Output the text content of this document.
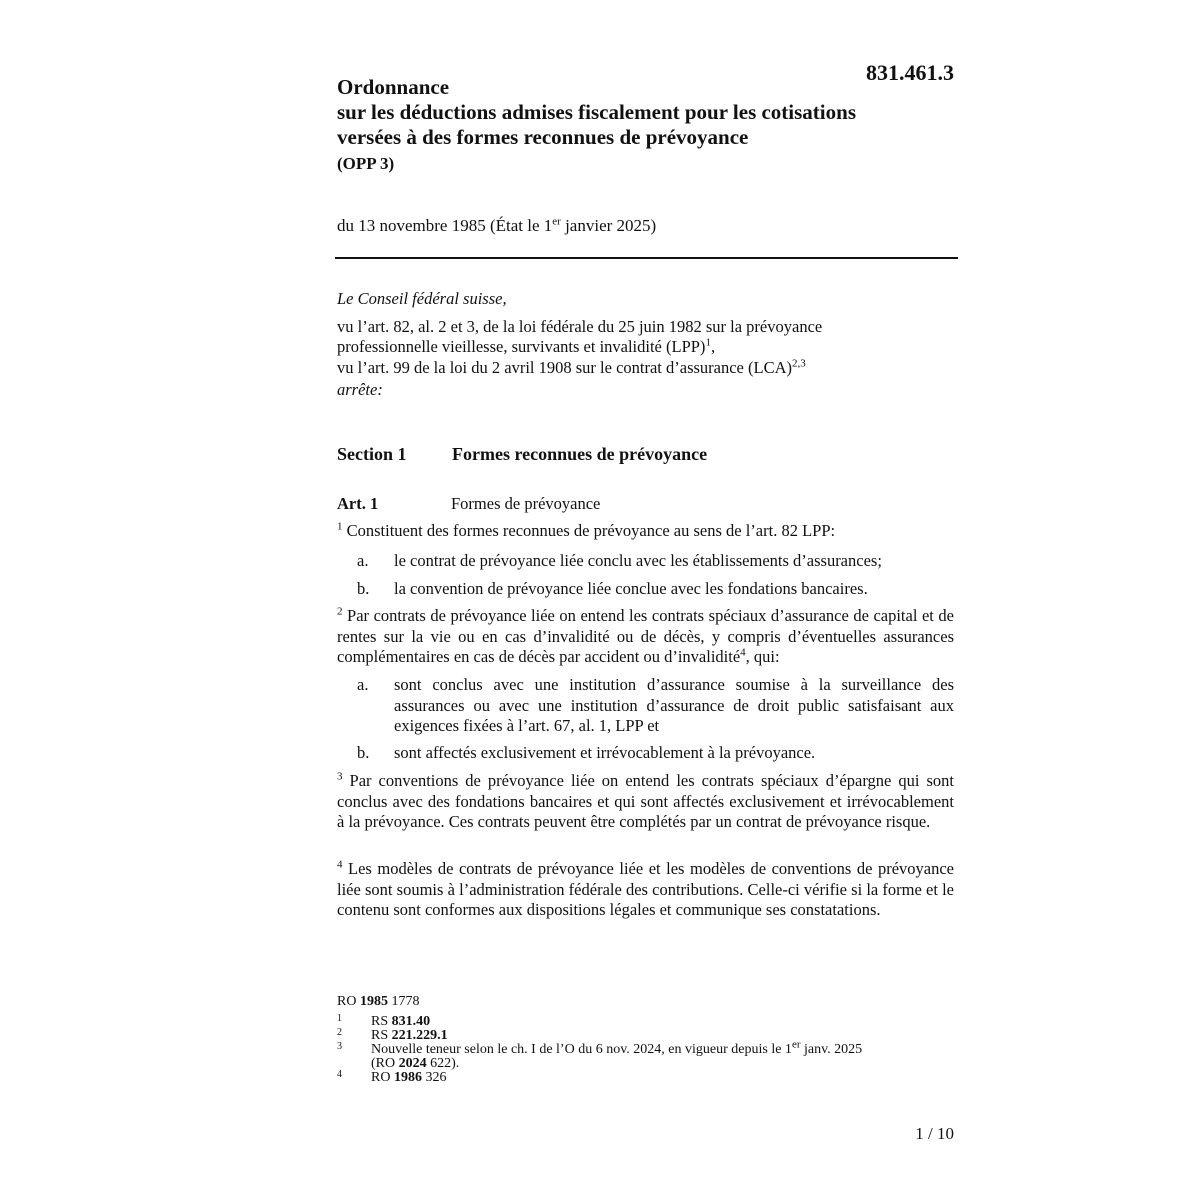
831.461.3
Ordonnance
sur les déductions admises fiscalement pour les cotisations
versées à des formes reconnues de prévoyance
(OPP 3)
du 13 novembre 1985 (État le 1er janvier 2025)
Le Conseil fédéral suisse,
vu l’art. 82, al. 2 et 3, de la loi fédérale du 25 juin 1982 sur la prévoyance
professionnelle vieillesse, survivants et invalidité (LPP)$^1$,
vu l’art. 99 de la loi du 2 avril 1908 sur le contrat d’assurance (LCA)$^{2,3}$
arrête:
Section 1	Formes reconnues de prévoyance
Art. 1	Formes de prévoyance
$^1$ Constituent des formes reconnues de prévoyance au sens de l’art. 82 LPP:
a. le contrat de prévoyance liée conclu avec les établissements d’assurances;
b. la convention de prévoyance liée conclue avec les fondations bancaires.
$^2$ Par contrats de prévoyance liée on entend les contrats spéciaux d’assurance de capital et de rentes sur la vie ou en cas d’invalidité ou de décès, y compris d’éventuelles assurances complémentaires en cas de décès par accident ou d’invalidité$^4$, qui:
a. sont conclus avec une institution d’assurance soumise à la surveillance des assurances ou avec une institution d’assurance de droit public satisfaisant aux exigences fixées à l’art. 67, al. 1, LPP et
b. sont affectés exclusivement et irrévocablement à la prévoyance.
$^3$ Par conventions de prévoyance liée on entend les contrats spéciaux d’épargne qui sont conclus avec des fondations bancaires et qui sont affectés exclusivement et irrévocablement à la prévoyance. Ces contrats peuvent être complétés par un contrat de prévoyance risque.
$^4$ Les modèles de contrats de prévoyance liée et les modèles de conventions de prévoyance liée sont soumis à l’administration fédérale des contributions. Celle-ci vérifie si la forme et le contenu sont conformes aux dispositions légales et communique ses constatations.
RO 1985 1778
1 RS 831.40
2 RS 221.229.1
3 Nouvelle teneur selon le ch. I de l’O du 6 nov. 2024, en vigueur depuis le 1er janv. 2025
(RO 2024 622).
4 RO 1986 326
1 / 10
